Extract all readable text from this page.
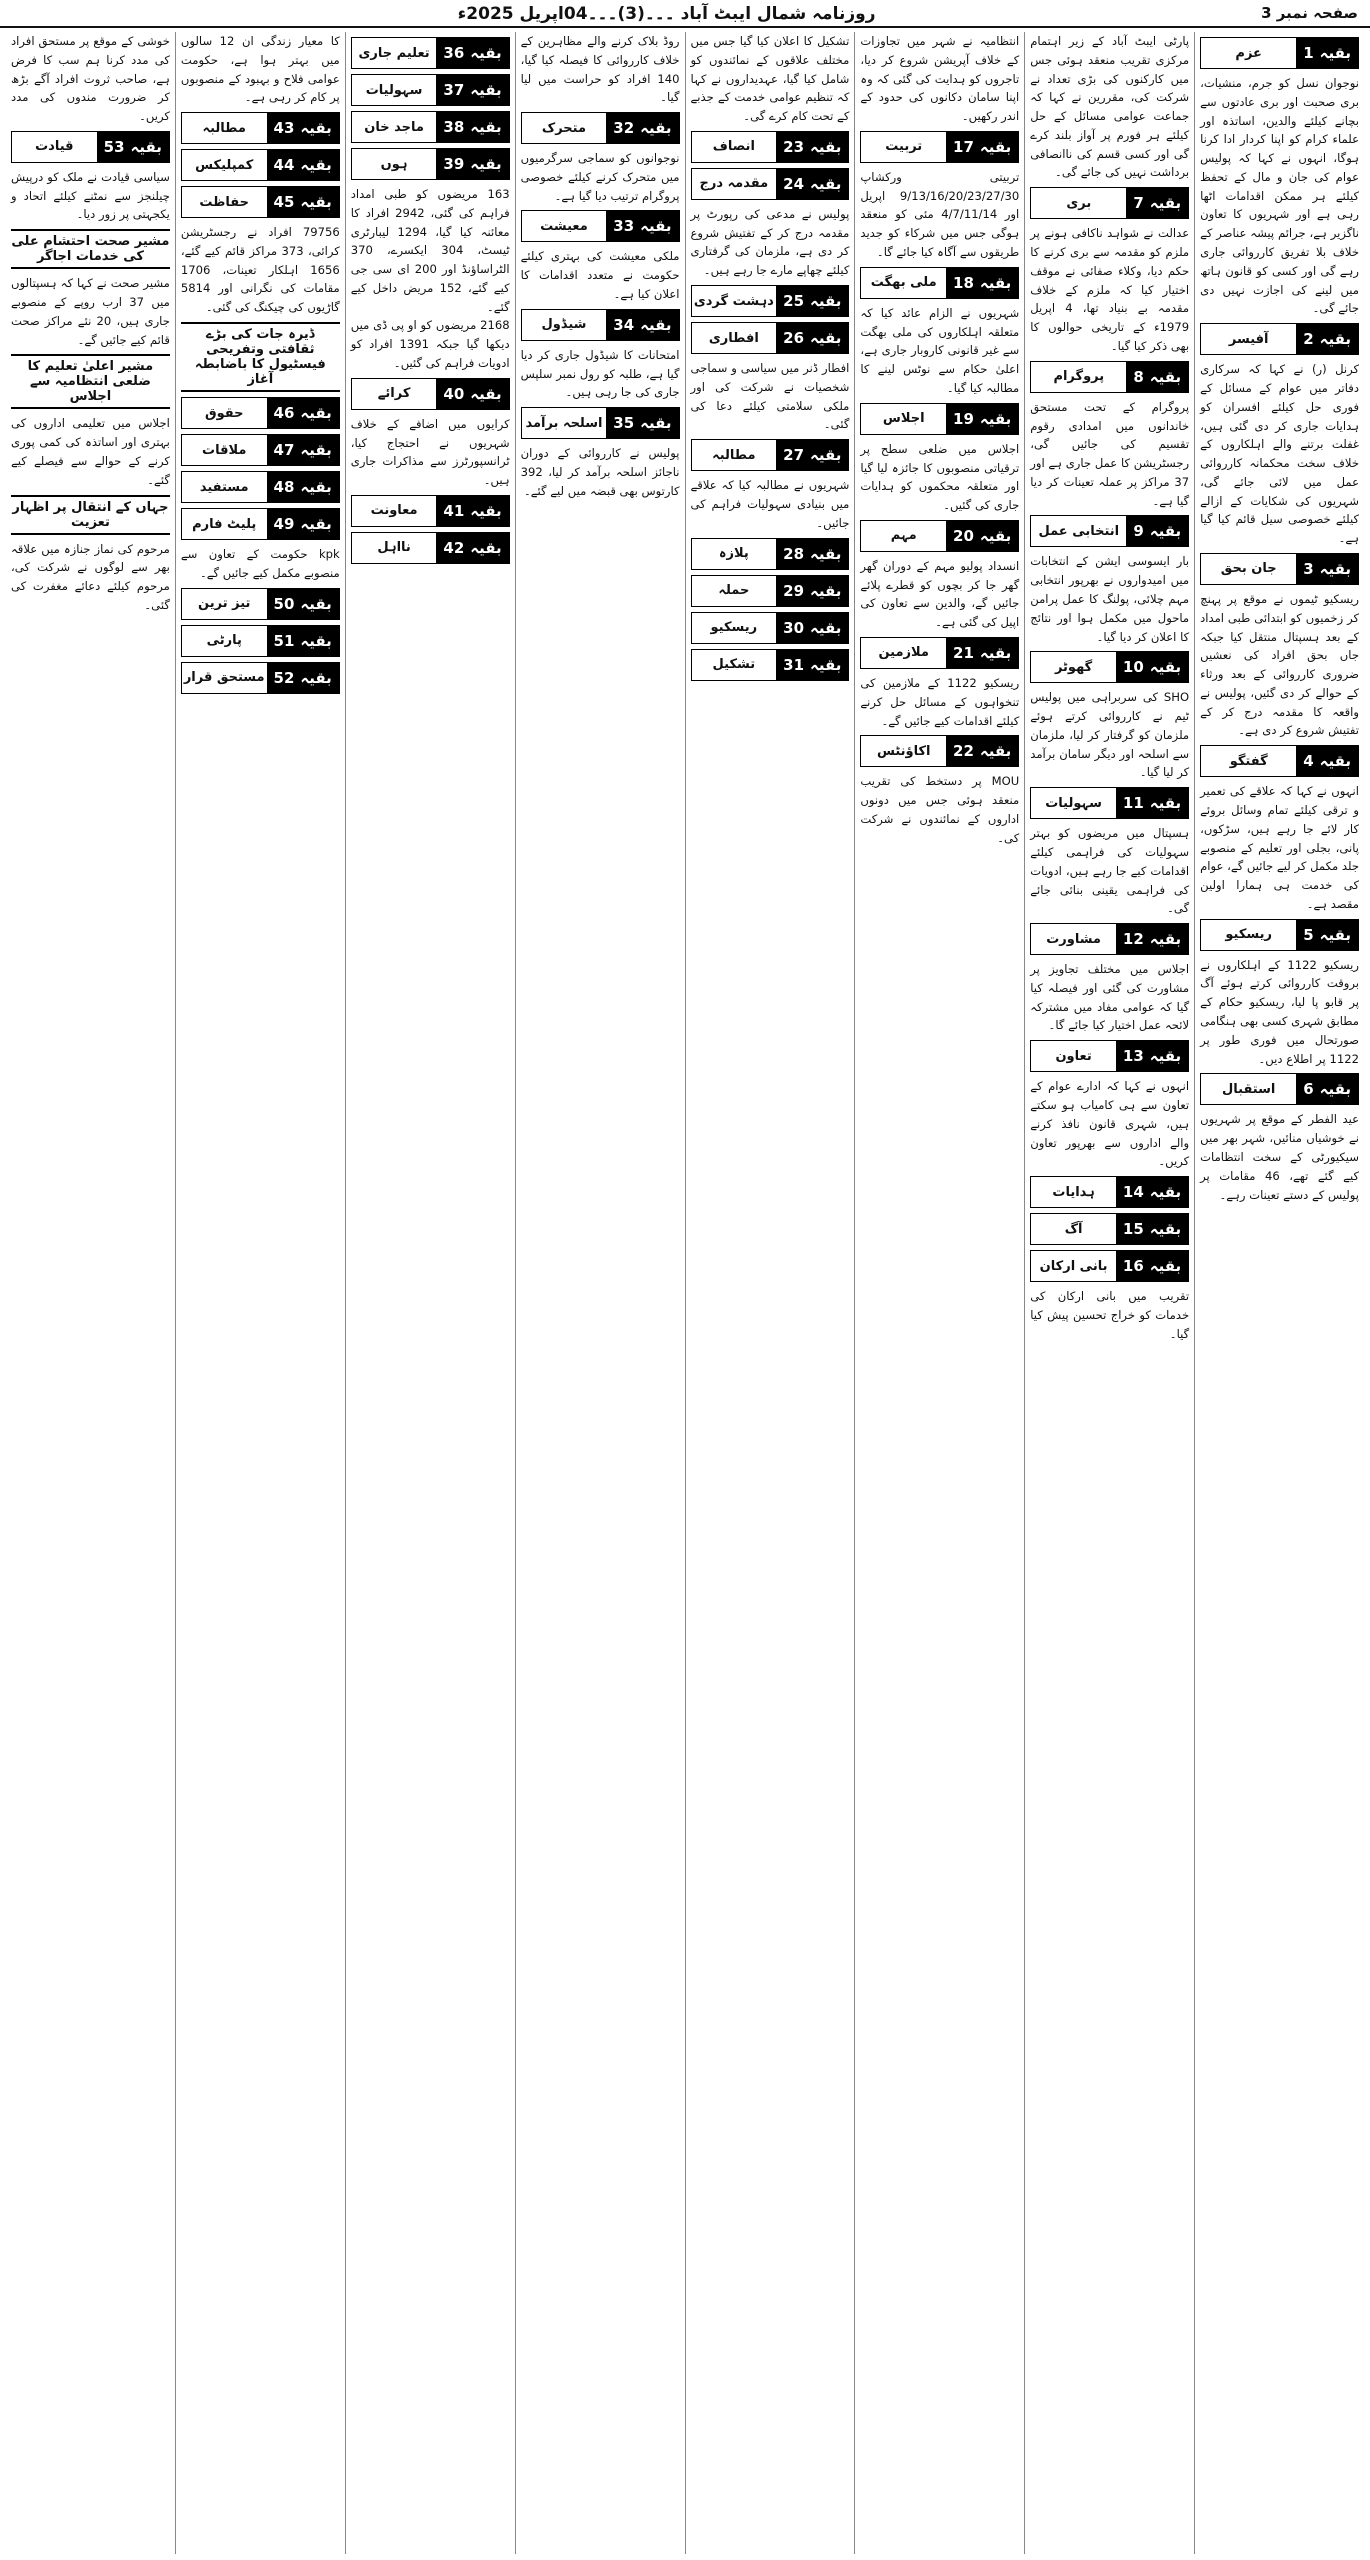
صفحہ نمبر 3
روزنامہ شمال ایبٹ آباد ۔۔۔(3)۔۔۔04اپریل 2025ء
بقیہ
1
عزم

نوجوان نسل کو جرم، منشیات، بری صحبت اور بری عادتوں سے بچانے کیلئے والدین، اساتذہ اور علماء کرام کو اپنا کردار ادا کرنا ہوگا، انہوں نے کہا کہ پولیس عوام کی جان و مال کے تحفظ کیلئے ہر ممکن اقدامات اٹھا رہی ہے اور شہریوں کا تعاون ناگزیر ہے، جرائم پیشہ عناصر کے خلاف بلا تفریق کارروائی جاری رہے گی اور کسی کو قانون ہاتھ میں لینے کی اجازت نہیں دی جائے گی۔

بقیہ
2
آفیسر

کرنل (ر) نے کہا کہ سرکاری دفاتر میں عوام کے مسائل کے فوری حل کیلئے افسران کو ہدایات جاری کر دی گئی ہیں، غفلت برتنے والے اہلکاروں کے خلاف سخت محکمانہ کارروائی عمل میں لائی جائے گی، شہریوں کی شکایات کے ازالے کیلئے خصوصی سیل قائم کیا گیا ہے۔

بقیہ
3
جان بحق

ریسکیو ٹیموں نے موقع پر پہنچ کر زخمیوں کو ابتدائی طبی امداد کے بعد ہسپتال منتقل کیا جبکہ جاں بحق افراد کی نعشیں ضروری کارروائی کے بعد ورثاء کے حوالے کر دی گئیں، پولیس نے واقعہ کا مقدمہ درج کر کے تفتیش شروع کر دی ہے۔

بقیہ
4
گفتگو

انہوں نے کہا کہ علاقے کی تعمیر و ترقی کیلئے تمام وسائل بروئے کار لائے جا رہے ہیں، سڑکوں، پانی، بجلی اور تعلیم کے منصوبے جلد مکمل کر لیے جائیں گے، عوام کی خدمت ہی ہمارا اولین مقصد ہے۔

بقیہ
5
ریسکیو

ریسکیو 1122 کے اہلکاروں نے بروقت کارروائی کرتے ہوئے آگ پر قابو پا لیا، ریسکیو حکام کے مطابق شہری کسی بھی ہنگامی صورتحال میں فوری طور پر 1122 پر اطلاع دیں۔

بقیہ
6
استقبال

عید الفطر کے موقع پر شہریوں نے خوشیاں منائیں، شہر بھر میں سیکیورٹی کے سخت انتظامات کیے گئے تھے، 46 مقامات پر پولیس کے دستے تعینات رہے۔

پارٹی ایبٹ آباد کے زیر اہتمام مرکزی تقریب منعقد ہوئی جس میں کارکنوں کی بڑی تعداد نے شرکت کی، مقررین نے کہا کہ جماعت عوامی مسائل کے حل کیلئے ہر فورم پر آواز بلند کرے گی اور کسی قسم کی ناانصافی برداشت نہیں کی جائے گی۔

بقیہ
7
بری

عدالت نے شواہد ناکافی ہونے پر ملزم کو مقدمہ سے بری کرنے کا حکم دیا، وکلاء صفائی نے موقف اختیار کیا کہ ملزم کے خلاف مقدمہ بے بنیاد تھا، 4 اپریل 1979ء کے تاریخی حوالوں کا بھی ذکر کیا گیا۔

بقیہ
8
پروگرام

پروگرام کے تحت مستحق خاندانوں میں امدادی رقوم تقسیم کی جائیں گی، رجسٹریشن کا عمل جاری ہے اور 37 مراکز پر عملہ تعینات کر دیا گیا ہے۔

بقیہ
9
انتخابی عمل

بار ایسوسی ایشن کے انتخابات میں امیدواروں نے بھرپور انتخابی مہم چلائی، پولنگ کا عمل پرامن ماحول میں مکمل ہوا اور نتائج کا اعلان کر دیا گیا۔

بقیہ
10
گھوٹر

SHO کی سربراہی میں پولیس ٹیم نے کارروائی کرتے ہوئے ملزمان کو گرفتار کر لیا، ملزمان سے اسلحہ اور دیگر سامان برآمد کر لیا گیا۔

بقیہ
11
سہولیات

ہسپتال میں مریضوں کو بہتر سہولیات کی فراہمی کیلئے اقدامات کیے جا رہے ہیں، ادویات کی فراہمی یقینی بنائی جائے گی۔

بقیہ
12
مشاورت

اجلاس میں مختلف تجاویز پر مشاورت کی گئی اور فیصلہ کیا گیا کہ عوامی مفاد میں مشترکہ لائحہ عمل اختیار کیا جائے گا۔

بقیہ
13
تعاون

انہوں نے کہا کہ ادارے عوام کے تعاون سے ہی کامیاب ہو سکتے ہیں، شہری قانون نافذ کرنے والے اداروں سے بھرپور تعاون کریں۔

بقیہ
14
ہدایات
بقیہ
15
آگ
بقیہ
16
بانی ارکان

تقریب میں بانی ارکان کی خدمات کو خراج تحسین پیش کیا گیا۔

انتظامیہ نے شہر میں تجاوزات کے خلاف آپریشن شروع کر دیا، تاجروں کو ہدایت کی گئی کہ وہ اپنا سامان دکانوں کی حدود کے اندر رکھیں۔

بقیہ
17
تربیت

تربیتی ورکشاپ 9/13/16/20/23/27/30 اپریل اور 4/7/11/14 مئی کو منعقد ہوگی جس میں شرکاء کو جدید طریقوں سے آگاہ کیا جائے گا۔

بقیہ
18
ملی بھگت

شہریوں نے الزام عائد کیا کہ متعلقہ اہلکاروں کی ملی بھگت سے غیر قانونی کاروبار جاری ہے، اعلیٰ حکام سے نوٹس لینے کا مطالبہ کیا گیا۔

بقیہ
19
اجلاس

اجلاس میں ضلعی سطح پر ترقیاتی منصوبوں کا جائزہ لیا گیا اور متعلقہ محکموں کو ہدایات جاری کی گئیں۔

بقیہ
20
مہم

انسداد پولیو مہم کے دوران گھر گھر جا کر بچوں کو قطرے پلائے جائیں گے، والدین سے تعاون کی اپیل کی گئی ہے۔

بقیہ
21
ملازمین

ریسکیو 1122 کے ملازمین کی تنخواہوں کے مسائل حل کرنے کیلئے اقدامات کیے جائیں گے۔

بقیہ
22
اکاؤنٹس

MOU پر دستخط کی تقریب منعقد ہوئی جس میں دونوں اداروں کے نمائندوں نے شرکت کی۔

تشکیل کا اعلان کیا گیا جس میں مختلف علاقوں کے نمائندوں کو شامل کیا گیا، عہدیداروں نے کہا کہ تنظیم عوامی خدمت کے جذبے کے تحت کام کرے گی۔

بقیہ
23
انصاف
بقیہ
24
مقدمہ درج

پولیس نے مدعی کی رپورٹ پر مقدمہ درج کر کے تفتیش شروع کر دی ہے، ملزمان کی گرفتاری کیلئے چھاپے مارے جا رہے ہیں۔

بقیہ
25
دہشت گردی
بقیہ
26
افطاری

افطار ڈنر میں سیاسی و سماجی شخصیات نے شرکت کی اور ملکی سلامتی کیلئے دعا کی گئی۔

بقیہ
27
مطالبہ

شہریوں نے مطالبہ کیا کہ علاقے میں بنیادی سہولیات فراہم کی جائیں۔

بقیہ
28
پلازہ
بقیہ
29
حملہ
بقیہ
30
ریسکیو
بقیہ
31
تشکیل

روڈ بلاک کرنے والے مظاہرین کے خلاف کارروائی کا فیصلہ کیا گیا، 140 افراد کو حراست میں لیا گیا۔

بقیہ
32
متحرک

نوجوانوں کو سماجی سرگرمیوں میں متحرک کرنے کیلئے خصوصی پروگرام ترتیب دیا گیا ہے۔

بقیہ
33
معیشت

ملکی معیشت کی بہتری کیلئے حکومت نے متعدد اقدامات کا اعلان کیا ہے۔

بقیہ
34
شیڈول

امتحانات کا شیڈول جاری کر دیا گیا ہے، طلبہ کو رول نمبر سلپس جاری کی جا رہی ہیں۔

بقیہ
35
اسلحہ برآمد

پولیس نے کارروائی کے دوران ناجائز اسلحہ برآمد کر لیا، 392 کارتوس بھی قبضہ میں لیے گئے۔

بقیہ
36
تعلیم جاری
بقیہ
37
سہولیات
بقیہ
38
ماجد خان
بقیہ
39
ہوں

163 مریضوں کو طبی امداد فراہم کی گئی، 2942 افراد کا معائنہ کیا گیا، 1294 لیبارٹری ٹیسٹ، 304 ایکسرے، 370 الٹراساؤنڈ اور 200 ای سی جی کیے گئے، 152 مریض داخل کیے گئے۔

2168 مریضوں کو او پی ڈی میں دیکھا گیا جبکہ 1391 افراد کو ادویات فراہم کی گئیں۔

بقیہ
40
کرائے

کرایوں میں اضافے کے خلاف شہریوں نے احتجاج کیا، ٹرانسپورٹرز سے مذاکرات جاری ہیں۔

بقیہ
41
معاونت
بقیہ
42
نااہل

کا معیار زندگی ان 12 سالوں میں بہتر ہوا ہے، حکومت عوامی فلاح و بہبود کے منصوبوں پر کام کر رہی ہے۔

بقیہ
43
مطالبہ
بقیہ
44
کمپلیکس
بقیہ
45
حفاظت

79756 افراد نے رجسٹریشن کرائی، 373 مراکز قائم کیے گئے، 1656 اہلکار تعینات، 1706 مقامات کی نگرانی اور 5814 گاڑیوں کی چیکنگ کی گئی۔

ڈیرہ جات کی بڑے ثقافتی وتفریحی فیسٹیول کا باضابطہ آغاز
بقیہ
46
حقوق
بقیہ
47
ملاقات
بقیہ
48
مستفید
بقیہ
49
پلیٹ فارم

kpk حکومت کے تعاون سے منصوبے مکمل کیے جائیں گے۔

بقیہ
50
تیز ترین
بقیہ
51
پارٹی
بقیہ
52
مستحق قرار

خوشی کے موقع پر مستحق افراد کی مدد کرنا ہم سب کا فرض ہے، صاحب ثروت افراد آگے بڑھ کر ضرورت مندوں کی مدد کریں۔

بقیہ
53
قیادت

سیاسی قیادت نے ملک کو درپیش چیلنجز سے نمٹنے کیلئے اتحاد و یکجہتی پر زور دیا۔

مشیر صحت احتشام علی کی خدمات اجاگر

مشیر صحت نے کہا کہ ہسپتالوں میں 37 ارب روپے کے منصوبے جاری ہیں، 20 نئے مراکز صحت قائم کیے جائیں گے۔

مشیر اعلیٰ تعلیم کا ضلعی انتظامیہ سے اجلاس

اجلاس میں تعلیمی اداروں کی بہتری اور اساتذہ کی کمی پوری کرنے کے حوالے سے فیصلے کیے گئے۔

جہاں کے انتقال پر اظہار تعزیت

مرحوم کی نماز جنازہ میں علاقہ بھر سے لوگوں نے شرکت کی، مرحوم کیلئے دعائے مغفرت کی گئی۔
